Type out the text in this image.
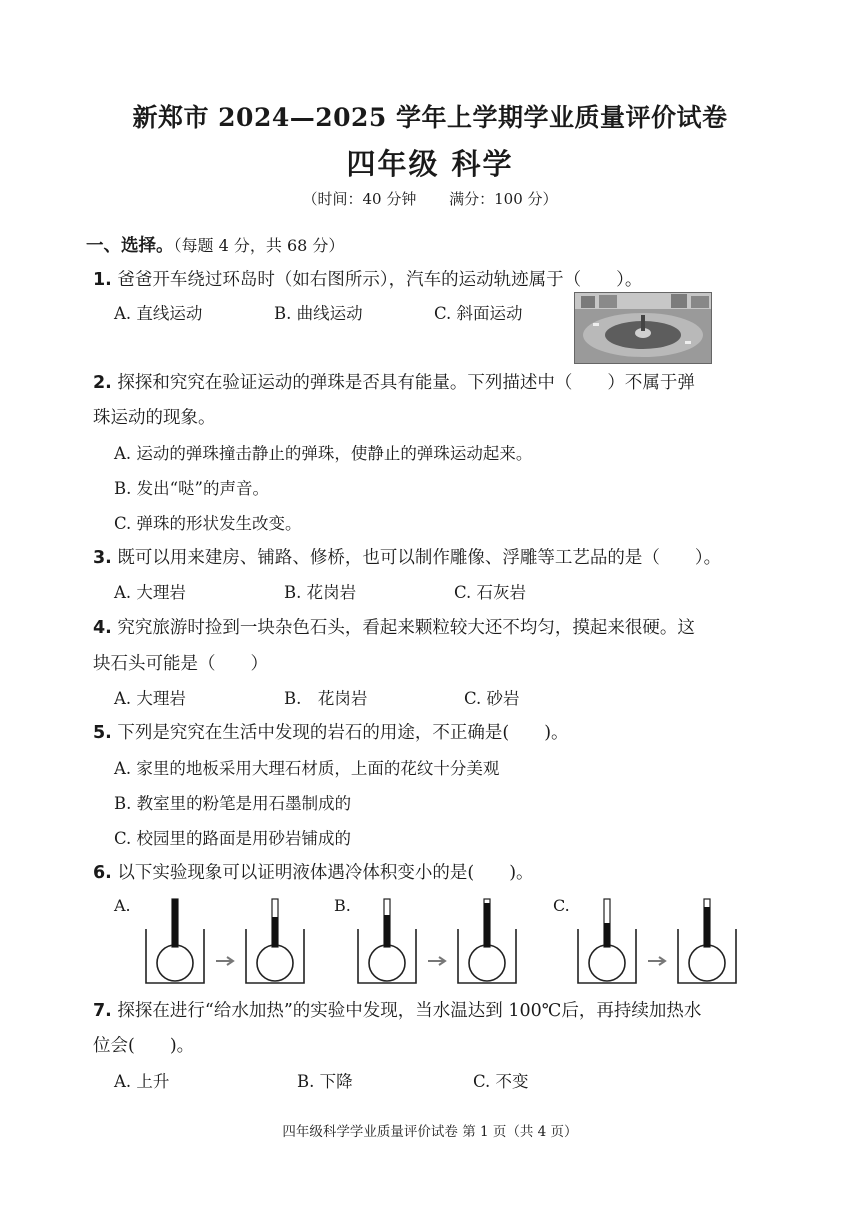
新郑市 2024—2025 学年上学期学业质量评价试卷
四年级 科学
（时间：40 分钟 满分：100 分）
一、选择。（每题 4 分，共 68 分）
1. 爸爸开车绕过环岛时（如右图所示），汽车的运动轨迹属于（　　）。
A. 直线运动	B. 曲线运动	C. 斜面运动
2. 探探和究究在验证运动的弹珠是否具有能量。下列描述中（　　）不属于弹
珠运动的现象。
A. 运动的弹珠撞击静止的弹珠，使静止的弹珠运动起来。
B. 发出“哒”的声音。
C. 弹珠的形状发生改变。
3. 既可以用来建房、铺路、修桥，也可以制作雕像、浮雕等工艺品的是（　　）。
A. 大理岩	B. 花岗岩	C. 石灰岩
4. 究究旅游时捡到一块杂色石头，看起来颗粒较大还不均匀，摸起来很硬。这
块石头可能是（　　）
A. 大理岩	B.　花岗岩	C. 砂岩
5. 下列是究究在生活中发现的岩石的用途，不正确是(　　)。
A. 家里的地板采用大理石材质，上面的花纹十分美观
B. 教室里的粉笔是用石墨制成的
C. 校园里的路面是用砂岩铺成的
6. 以下实验现象可以证明液体遇冷体积变小的是(　　)。
A.	B.	C.
7. 探探在进行“给水加热”的实验中发现，当水温达到 100℃后，再持续加热水
位会(　　)。
A. 上升	B. 下降	C. 不变
四年级科学学业质量评价试卷 第 1 页（共 4 页）
